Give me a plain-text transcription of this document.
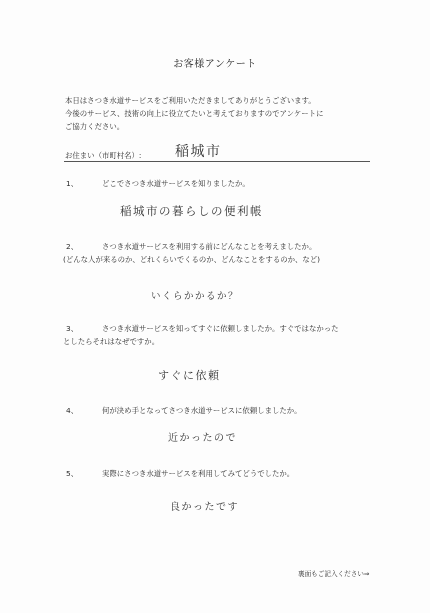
お客様アンケート
本日はさつき水道サービスをご利用いただきましてありがとうございます。
今後のサービス、技術の向上に役立てたいと考えておりますのでアンケートに
ご協力ください。
お住まい（市町村名）: 稲城市
1、	どこでさつき水道サービスを知りましたか。
稲城市の暮らしの便利帳
2、	さつき水道サービスを利用する前にどんなことを考えましたか。
(どんな人が来るのか、どれくらいでくるのか、どんなことをするのか、など)
いくらかかるか？
3、	さつき水道サービスを知ってすぐに依頼しましたか。すぐではなかった
としたらそれはなぜですか。
すぐに依頼
4、	何が決め手となってさつき水道サービスに依頼しましたか。
近かったので
5、	実際にさつき水道サービスを利用してみてどうでしたか。
良かったです
裏面もご記入ください⇒
